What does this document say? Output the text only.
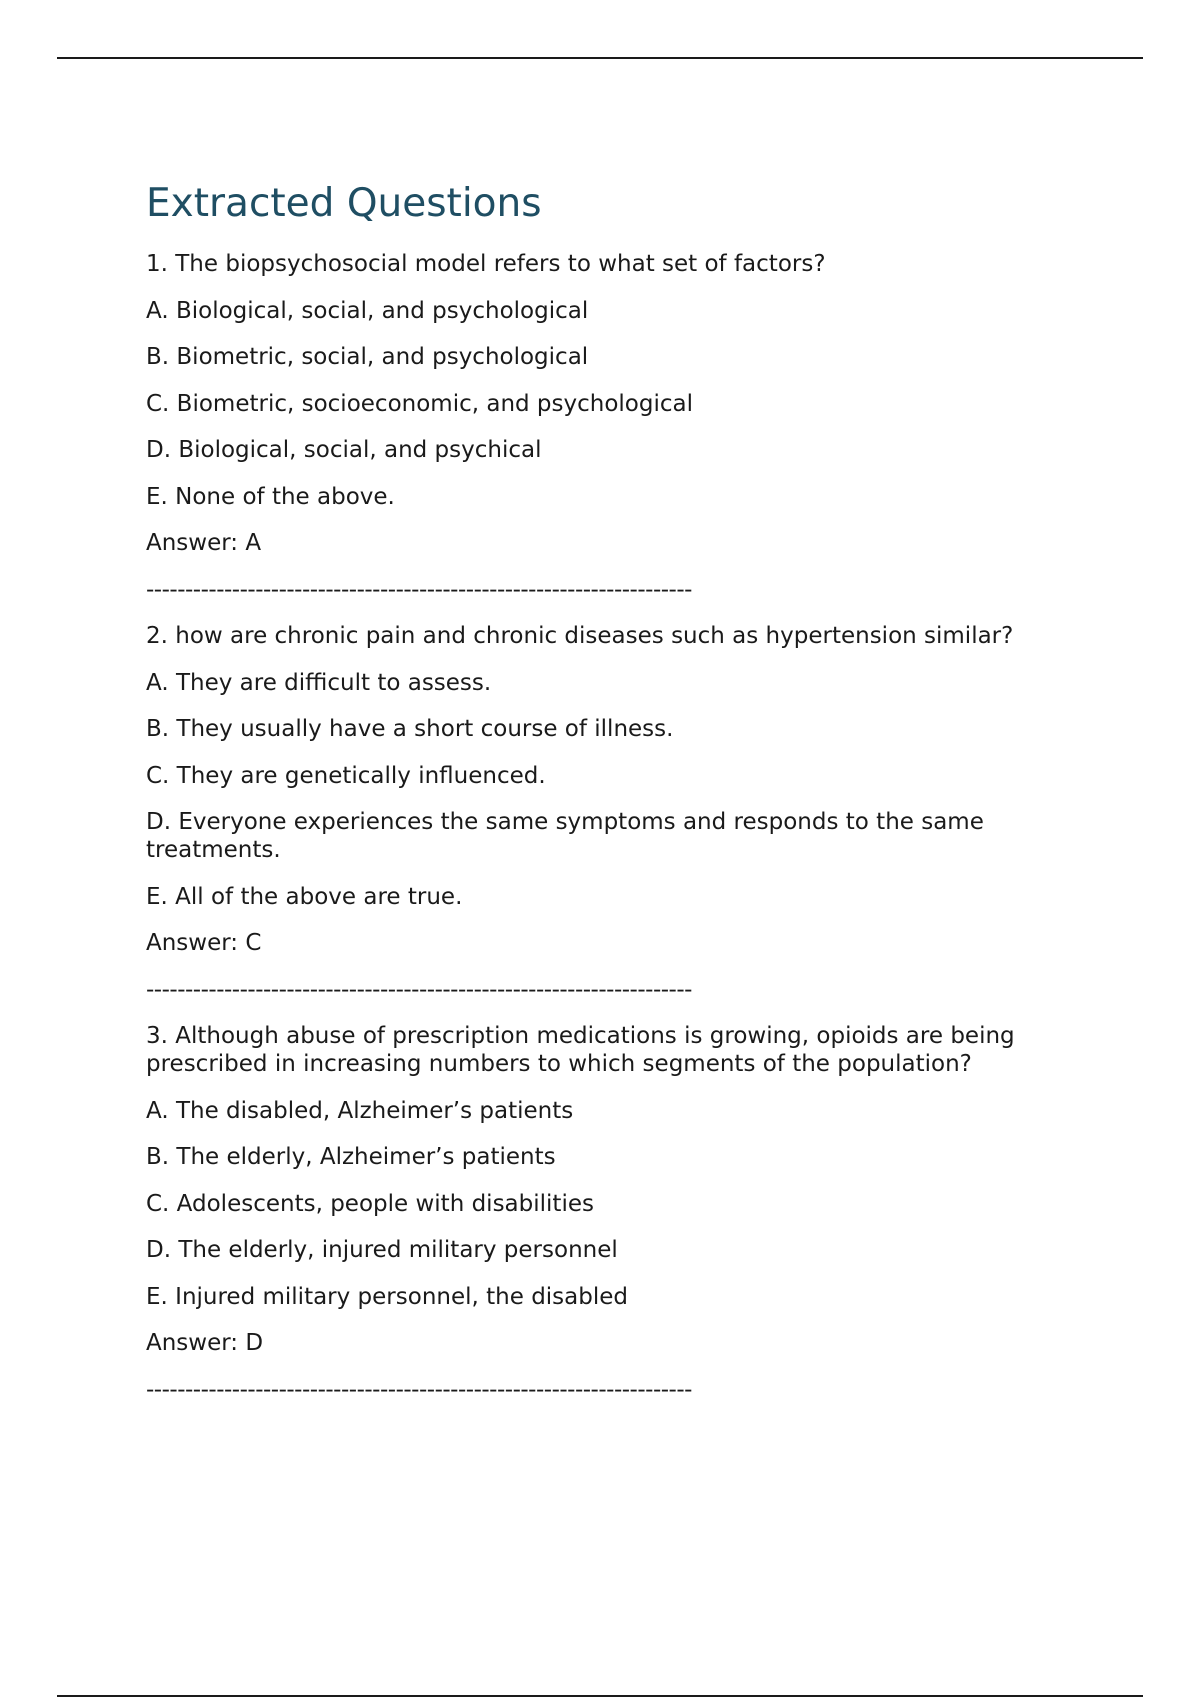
Extracted Questions
1. The biopsychosocial model refers to what set of factors?
A. Biological, social, and psychological
B. Biometric, social, and psychological
C. Biometric, socioeconomic, and psychological
D. Biological, social, and psychical
E. None of the above.
Answer: A
----------------------------------------------------------------------
2. how are chronic pain and chronic diseases such as hypertension similar?
A. They are difficult to assess.
B. They usually have a short course of illness.
C. They are genetically influenced.
D. Everyone experiences the same symptoms and responds to the same treatments.
E. All of the above are true.
Answer: C
----------------------------------------------------------------------
3. Although abuse of prescription medications is growing, opioids are being prescribed in increasing numbers to which segments of the population?
A. The disabled, Alzheimer’s patients
B. The elderly, Alzheimer’s patients
C. Adolescents, people with disabilities
D. The elderly, injured military personnel
E. Injured military personnel, the disabled
Answer: D
----------------------------------------------------------------------
